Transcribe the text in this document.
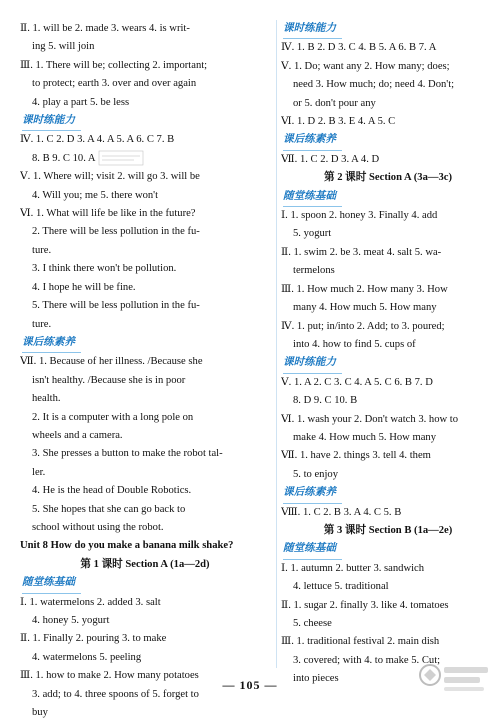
Ⅱ. 1. will be 2. made 3. wears 4. is writ-
ing 5. will join
Ⅲ. 1. There will be; collecting 2. important;
to protect; earth 3. over and over again
4. play a part 5. be less
课时练能力
Ⅳ. 1. C 2. D 3. A 4. A 5. A 6. C 7. B
8. B 9. C 10. A
Ⅴ. 1. Where will; visit 2. will go 3. will be
4. Will you; me 5. there won't
Ⅵ. 1. What will life be like in the future?
2. There will be less pollution in the fu-
ture.
3. I think there won't be pollution.
4. I hope he will be fine.
5. There will be less pollution in the fu-
ture.
课后练素养
Ⅶ. 1. Because of her illness. /Because she
isn't healthy. /Because she is in poor
health.
2. It is a computer with a long pole on
wheels and a camera.
3. She presses a button to make the robot tal-
ler.
4. He is the head of Double Robotics.
5. She hopes that she can go back to
school without using the robot.
Unit 8 How do you make a banana milk shake?
第 1 课时 Section A (1a—2d)
随堂练基础
Ⅰ. 1. watermelons 2. added 3. salt
4. honey 5. yogurt
Ⅱ. 1. Finally 2. pouring 3. to make
4. watermelons 5. peeling
Ⅲ. 1. how to make 2. How many potatoes
3. add; to 4. three spoons of 5. forget to
buy
课时练能力
Ⅳ. 1. B 2. D 3. C 4. B 5. A 6. B 7. A
Ⅴ. 1. Do; want any 2. How many; does;
need 3. How much; do; need 4. Don't;
or 5. don't pour any
Ⅵ. 1. D 2. B 3. E 4. A 5. C
课后练素养
Ⅶ. 1. C 2. D 3. A 4. D
第 2 课时 Section A (3a—3c)
随堂练基础
Ⅰ. 1. spoon 2. honey 3. Finally 4. add
5. yogurt
Ⅱ. 1. swim 2. be 3. meat 4. salt 5. wa-
termelons
Ⅲ. 1. How much 2. How many 3. How
many 4. How much 5. How many
Ⅳ. 1. put; in/into 2. Add; to 3. poured;
into 4. how to find 5. cups of
课时练能力
Ⅴ. 1. A 2. C 3. C 4. A 5. C 6. B 7. D
8. D 9. C 10. B
Ⅵ. 1. wash your 2. Don't watch 3. how to
make 4. How much 5. How many
Ⅶ. 1. have 2. things 3. tell 4. them
5. to enjoy
课后练素养
Ⅷ. 1. C 2. B 3. A 4. C 5. B
第 3 课时 Section B (1a—2e)
随堂练基础
Ⅰ. 1. autumn 2. butter 3. sandwich
4. lettuce 5. traditional
Ⅱ. 1. sugar 2. finally 3. like 4. tomatoes
5. cheese
Ⅲ. 1. traditional festival 2. main dish
3. covered; with 4. to make 5. Cut;
into pieces
— 105 —
